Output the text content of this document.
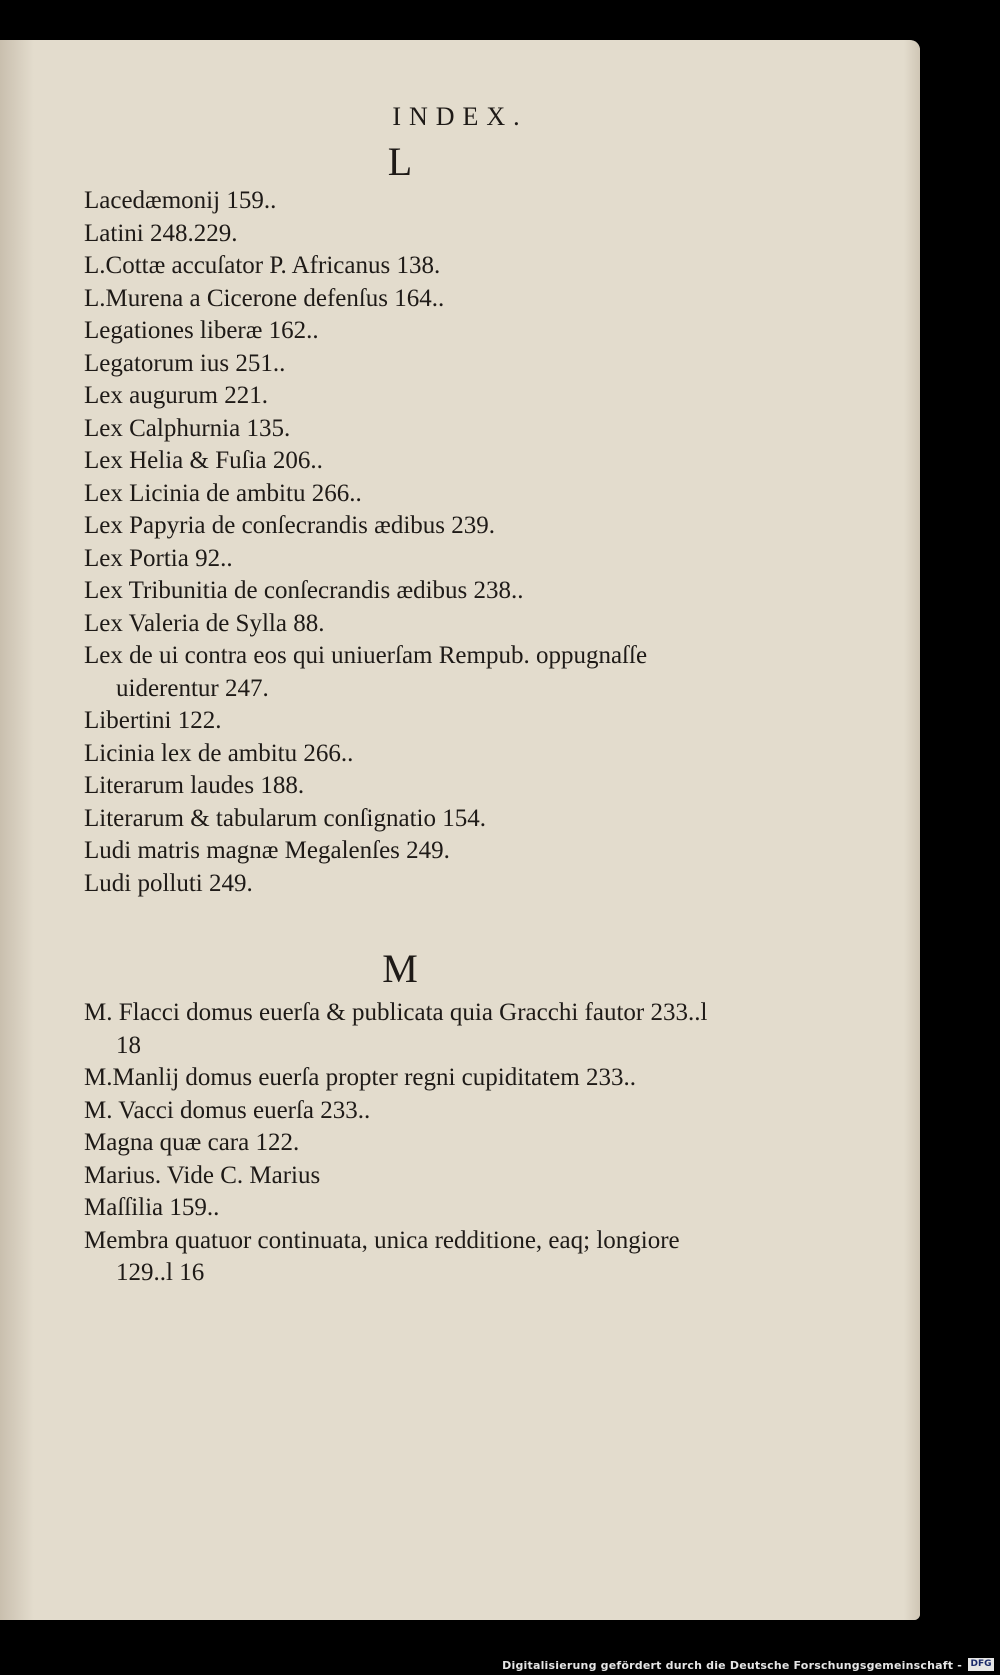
INDEX.
L
Lacedæmonij 159..
Latini 248.229.
L.Cottæ accuſator P. Africanus 138.
L.Murena a Cicerone defenſus 164..
Legationes liberæ 162..
Legatorum ius 251..
Lex augurum 221.
Lex Calphurnia 135.
Lex Helia & Fuſia 206..
Lex Licinia de ambitu 266..
Lex Papyria de conſecrandis ædibus 239.
Lex Portia 92..
Lex Tribunitia de conſecrandis ædibus 238..
Lex Valeria de Sylla 88.
Lex de ui contra eos qui uniuerſam Rempub. oppugnaſſe uiderentur 247.
Libertini 122.
Licinia lex de ambitu 266..
Literarum laudes 188.
Literarum & tabularum conſignatio 154.
Ludi matris magnæ Megalenſes 249.
Ludi polluti 249.
M
M. Flacci domus euerſa & publicata quia Gracchi fautor 233..l 18
M.Manlij domus euerſa propter regni cupiditatem 233..
M. Vacci domus euerſa 233..
Magna quæ cara 122.
Marius. Vide C. Marius
Maſſilia 159..
Membra quatuor continuata, unica redditione, eaq; longiore 129..l 16
Digitalisierung gefördert durch die Deutsche Forschungsgemeinschaft - DFG
